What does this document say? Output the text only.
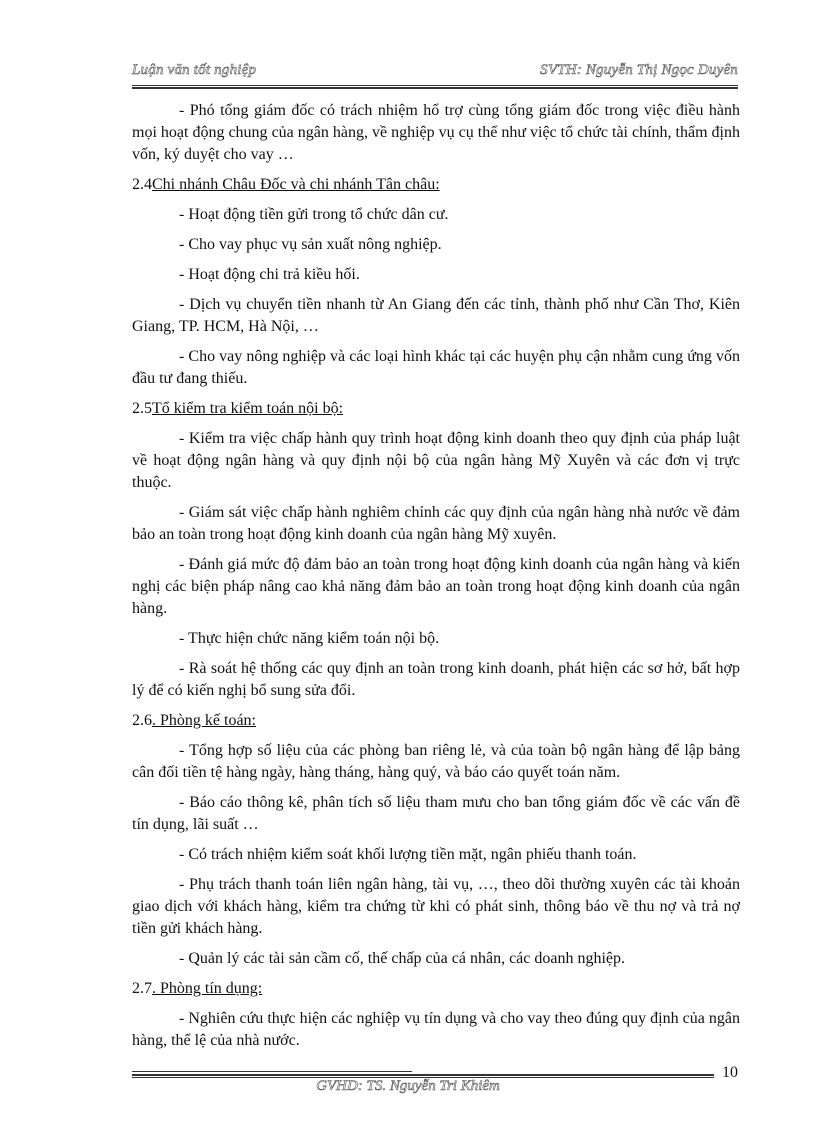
Luận văn tốt nghiệp	SVTH: Nguyễn Thị Ngọc Duyên

- Phó tổng giám đốc có trách nhiệm hổ trợ cùng tổng giám đốc trong việc điều hành mọi hoạt động chung của ngân hàng, về nghiệp vụ cụ thể như việc tổ chức tài chính, thẩm định vốn, ký duyệt cho vay …

2.4Chi nhánh Châu Đốc và chi nhánh Tân châu:

- Hoạt động tiền gửi trong tổ chức dân cư.

- Cho vay phục vụ sản xuất nông nghiệp.

- Hoạt động chi trả kiều hối.

- Dịch vụ chuyển tiền nhanh từ An Giang đến các tỉnh, thành phố như Cần Thơ, Kiên Giang, TP. HCM, Hà Nội, …

- Cho vay nông nghiệp và các loại hình khác tại các huyện phụ cận nhằm cung ứng vốn đầu tư đang thiếu.

2.5Tổ kiểm tra kiểm toán nội bộ:

- Kiểm tra việc chấp hành quy trình hoạt động kinh doanh theo quy định của pháp luật về hoạt động ngân hàng và quy định nội bộ của ngân hàng Mỹ Xuyên và các đơn vị trực thuộc.

- Giám sát việc chấp hành nghiêm chỉnh các quy định của ngân hàng nhà nước về đảm bảo an toàn trong hoạt động kinh doanh của ngân hàng Mỹ xuyên.

- Đánh giá mức độ đảm bảo an toàn trong hoạt động kinh doanh của ngân hàng và kiến nghị các biện pháp nâng cao khả năng đảm bảo an toàn trong hoạt động kinh doanh của ngân hàng.

- Thực hiện chức năng kiểm toán nội bộ.

- Rà soát hệ thống các quy định an toàn trong kinh doanh, phát hiện các sơ hở, bất hợp lý để có kiến nghị bổ sung sửa đổi.

2.6. Phòng kế toán:

- Tổng hợp số liệu của các phòng ban riêng lẻ, và của toàn bộ ngân hàng để lập bảng cân đối tiền tệ hàng ngày, hàng tháng, hàng quý, và báo cáo quyết toán năm.

- Báo cáo thông kê, phân tích số liệu tham mưu cho ban tổng giám đốc về các vấn đề tín dụng, lãi suất …

- Có trách nhiệm kiểm soát khối lượng tiền mặt, ngân phiếu thanh toán.

- Phụ trách thanh toán liên ngân hàng, tài vụ, …, theo dõi thường xuyên các tài khoản giao dịch với khách hàng, kiểm tra chứng từ khi có phát sinh, thông báo về thu nợ và trả nợ tiền gửi khách hàng.

- Quản lý các tài sản cầm cố, thế chấp của cá nhân, các doanh nghiệp.

2.7. Phòng tín dụng:

- Nghiên cứu thực hiện các nghiệp vụ tín dụng và cho vay theo đúng quy định của ngân hàng, thể lệ của nhà nước.

10
GVHD: TS. Nguyễn Tri Khiêm
